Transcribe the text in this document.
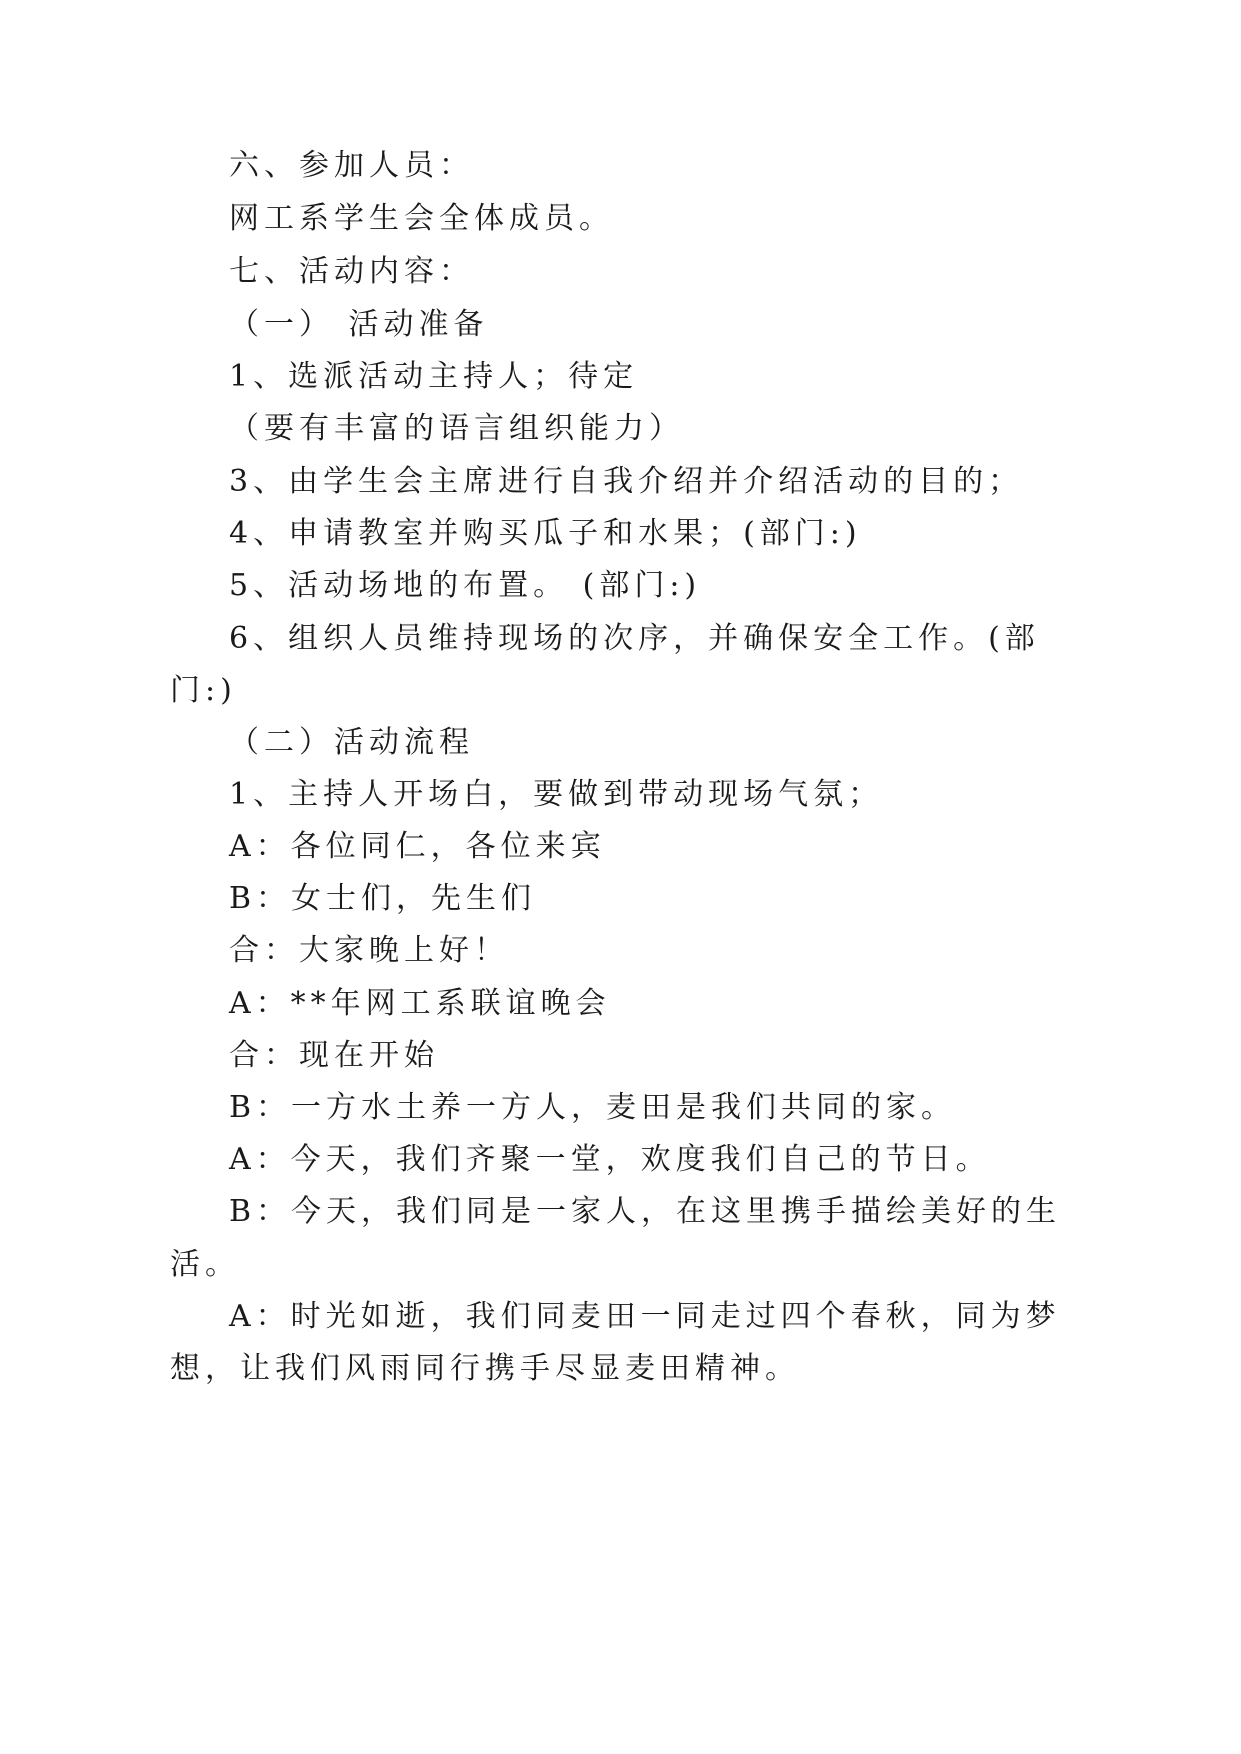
六、参加人员：
网工系学生会全体成员。
七、活动内容：
（一） 活动准备
1、选派活动主持人；待定
（要有丰富的语言组织能力）
3、由学生会主席进行自我介绍并介绍活动的目的；
4、申请教室并购买瓜子和水果；(部门:)
5、活动场地的布置。 (部门:)
6、组织人员维持现场的次序，并确保安全工作。(部
门:)
（二）活动流程
1、主持人开场白，要做到带动现场气氛；
A：各位同仁，各位来宾
B：女士们，先生们
合：大家晚上好！
A：**年网工系联谊晚会
合：现在开始
B：一方水土养一方人，麦田是我们共同的家。
A：今天，我们齐聚一堂，欢度我们自己的节日。
B：今天，我们同是一家人，在这里携手描绘美好的生
活。
A：时光如逝，我们同麦田一同走过四个春秋，同为梦
想，让我们风雨同行携手尽显麦田精神。
